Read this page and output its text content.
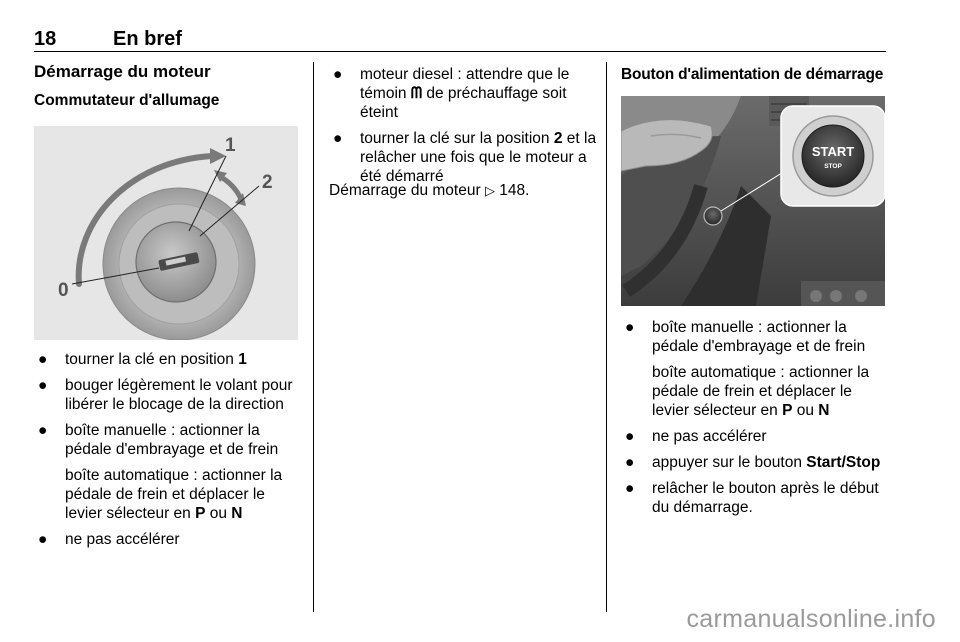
18	En bref
Démarrage du moteur
Commutateur d'allumage
1
2
0
● tourner la clé en position 1
● bouger légèrement le volant pour libérer le blocage de la direction
● boîte manuelle : actionner la pédale d'embrayage et de frein
boîte automatique : actionner la pédale de frein et déplacer le levier sélecteur en P ou N
● ne pas accélérer
● moteur diesel : attendre que le témoin ᗰ de préchauffage soit éteint
● tourner la clé sur la position 2 et la relâcher une fois que le moteur a été démarré
Démarrage du moteur ▷ 148.
Bouton d'alimentation de démarrage
START
STOP
● boîte manuelle : actionner la pédale d'embrayage et de frein
boîte automatique : actionner la pédale de frein et déplacer le levier sélecteur en P ou N
● ne pas accélérer
● appuyer sur le bouton Start/Stop
● relâcher le bouton après le début du démarrage.
carmanualsonline.info
